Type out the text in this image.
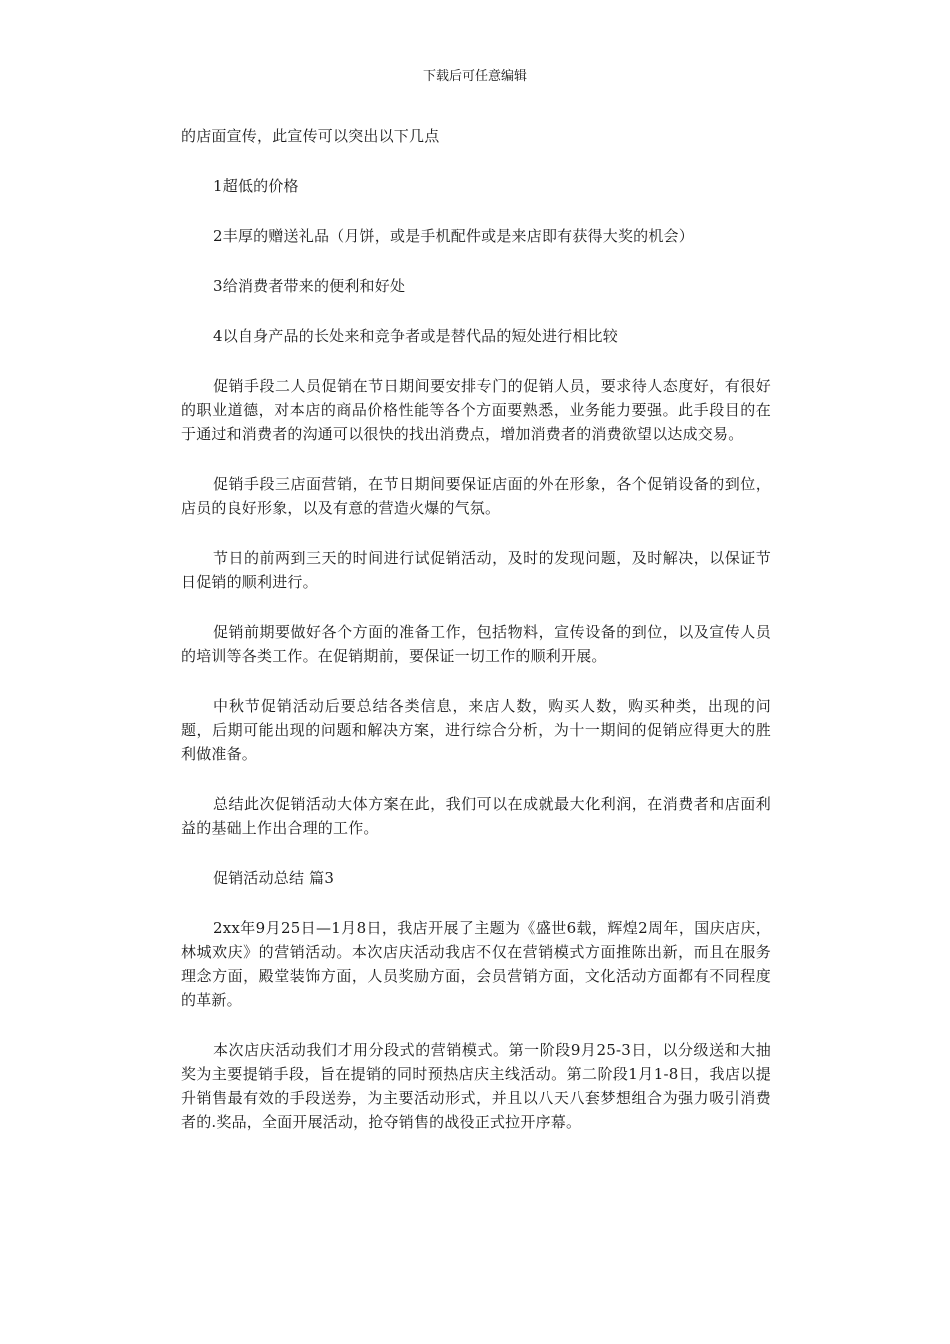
下载后可任意编辑

的店面宣传，此宣传可以突出以下几点

1超低的价格

2丰厚的赠送礼品（月饼，或是手机配件或是来店即有获得大奖的机会）

3给消费者带来的便利和好处

4以自身产品的长处来和竞争者或是替代品的短处进行相比较

促销手段二人员促销在节日期间要安排专门的促销人员，要求待人态度好，有很好的职业道德，对本店的商品价格性能等各个方面要熟悉，业务能力要强。此手段目的在于通过和消费者的沟通可以很快的找出消费点，增加消费者的消费欲望以达成交易。

促销手段三店面营销，在节日期间要保证店面的外在形象，各个促销设备的到位，店员的良好形象，以及有意的营造火爆的气氛。

节日的前两到三天的时间进行试促销活动，及时的发现问题，及时解决，以保证节日促销的顺利进行。

促销前期要做好各个方面的准备工作，包括物料，宣传设备的到位，以及宣传人员的培训等各类工作。在促销期前，要保证一切工作的顺利开展。

中秋节促销活动后要总结各类信息，来店人数，购买人数，购买种类，出现的问题，后期可能出现的问题和解决方案，进行综合分析，为十一期间的促销应得更大的胜利做准备。

总结此次促销活动大体方案在此，我们可以在成就最大化利润，在消费者和店面利益的基础上作出合理的工作。

促销活动总结 篇3

2xx年9月25日—1月8日，我店开展了主题为《盛世6载，辉煌2周年，国庆店庆，林城欢庆》的营销活动。本次店庆活动我店不仅在营销模式方面推陈出新，而且在服务理念方面，殿堂装饰方面，人员奖励方面，会员营销方面，文化活动方面都有不同程度的革新。

本次店庆活动我们才用分段式的营销模式。第一阶段9月25-3日，以分级送和大抽奖为主要提销手段，旨在提销的同时预热店庆主线活动。第二阶段1月1-8日，我店以提升销售最有效的手段送券，为主要活动形式，并且以八天八套梦想组合为强力吸引消费者的.奖品，全面开展活动，抢夺销售的战役正式拉开序幕。
